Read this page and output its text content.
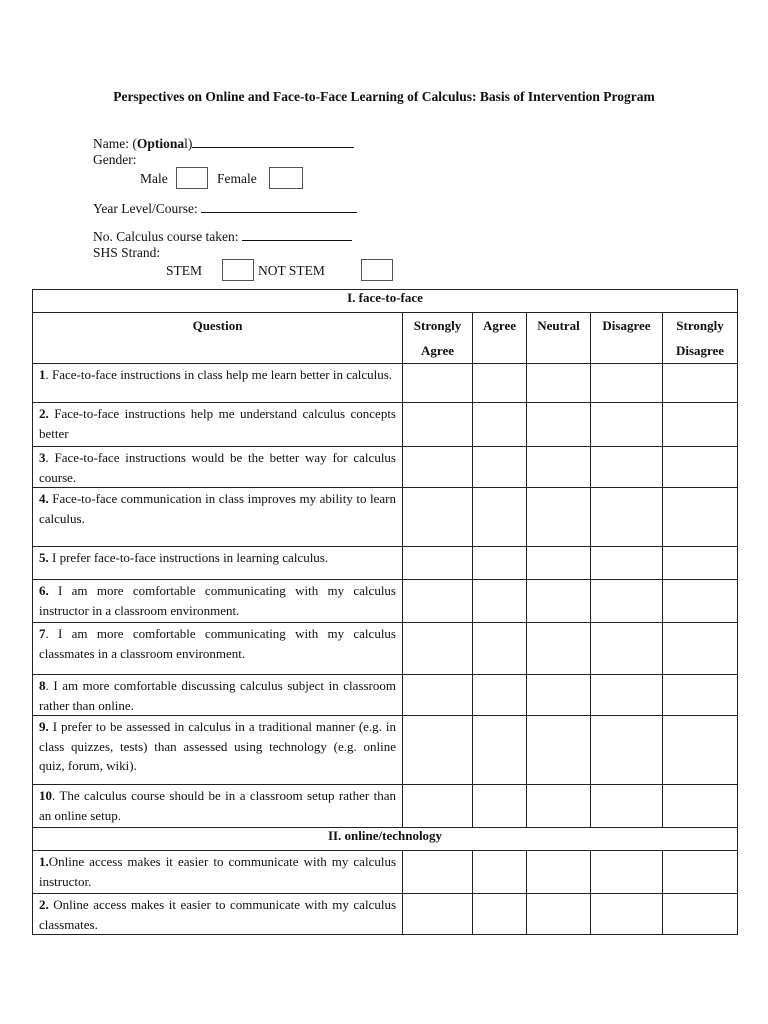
Perspectives on Online and Face-to-Face Learning of Calculus: Basis of Intervention Program
Name: (Optional)
Gender:
Male	Female
Year Level/Course:
No. Calculus course taken:
SHS Strand:
STEM	NOT STEM
I. face-to-face					
Question	Strongly Agree	Agree	Neutral	Disagree	Strongly Disagree
1. Face-to-face instructions in class help me learn better in calculus.					
2. Face-to-face instructions help me understand calculus concepts better					
3. Face-to-face instructions would be the better way for calculus course.					
4. Face-to-face communication in class improves my ability to learn calculus.					
5. I prefer face-to-face instructions in learning calculus.					
6. I am more comfortable communicating with my calculus instructor in a classroom environment.					
7. I am more comfortable communicating with my calculus classmates in a classroom environment.					
8. I am more comfortable discussing calculus subject in classroom rather than online.					
9. I prefer to be assessed in calculus in a traditional manner (e.g. in class quizzes, tests) than assessed using technology (e.g. online quiz, forum, wiki).					
10. The calculus course should be in a classroom setup rather than an online setup.					
II. online/technology					
1.Online access makes it easier to communicate with my calculus instructor.					
2. Online access makes it easier to communicate with my calculus classmates.					
